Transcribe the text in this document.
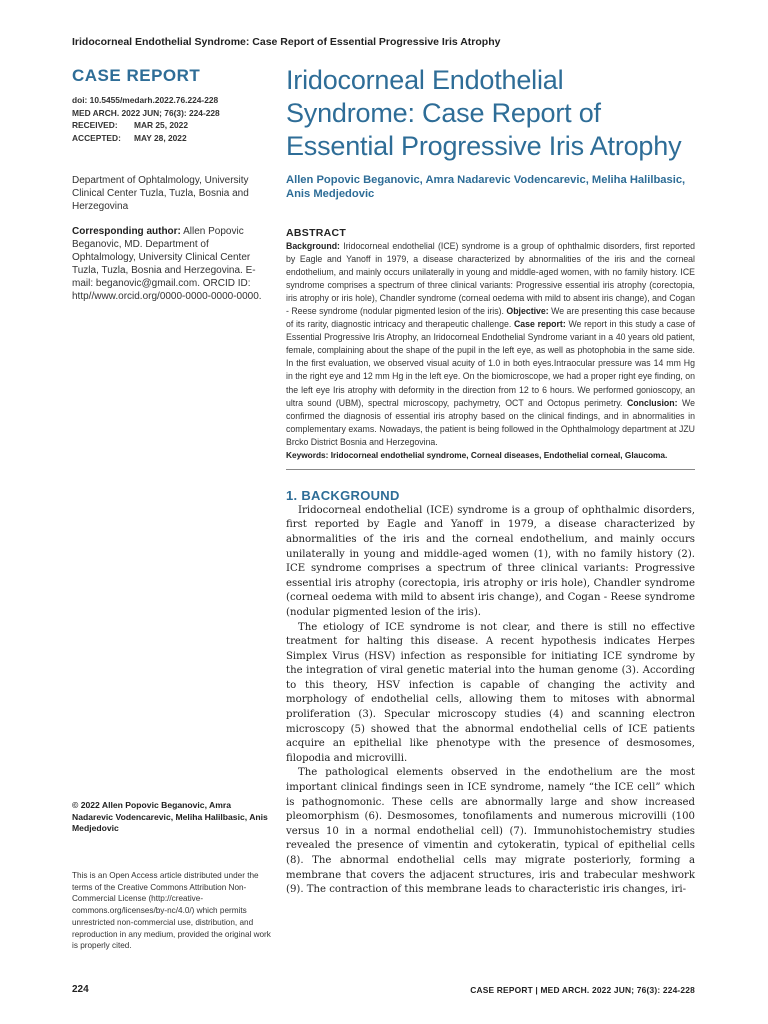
Iridocorneal Endothelial Syndrome: Case Report of Essential Progressive Iris Atrophy
CASE REPORT
doi: 10.5455/medarh.2022.76.224-228
MED ARCH. 2022 JUN; 76(3): 224-228
RECEIVED:	MAR 25, 2022
ACCEPTED:	MAY 28, 2022
Department of Ophtalmology, University Clinical Center Tuzla, Tuzla, Bosnia and Herzegovina
Corresponding author: Allen Popovic Beganovic, MD. Department of Ophtalmology, University Clinical Center Tuzla, Tuzla, Bosnia and Herzegovina. E-mail: beganovic@gmail.com. ORCID ID: http//www.orcid.org/0000-0000-0000-0000.
© 2022 Allen Popovic Beganovic, Amra Nadarevic Vodencarevic, Meliha Halilbasic, Anis Medjedovic
This is an Open Access article distributed under the terms of the Creative Commons Attribution Non-Commercial License (http://creative-commons.org/licenses/by-nc/4.0/) which permits unrestricted non-commercial use, distribution, and reproduction in any medium, provided the original work is properly cited.
Iridocorneal Endothelial Syndrome: Case Report of Essential Progressive Iris Atrophy
Allen Popovic Beganovic, Amra Nadarevic Vodencarevic, Meliha Halilbasic, Anis Medjedovic
ABSTRACT
Background: Iridocorneal endothelial (ICE) syndrome is a group of ophthalmic disorders, first reported by Eagle and Yanoff in 1979, a disease characterized by abnormalities of the iris and the corneal endothelium, and mainly occurs unilaterally in young and middle-aged women, with no family history. ICE syndrome comprises a spectrum of three clinical variants: Progressive essential iris atrophy (corectopia, iris atrophy or iris hole), Chandler syndrome (corneal oedema with mild to absent iris change), and Cogan - Reese syndrome (nodular pigmented lesion of the iris). Objective: We are presenting this case because of its rarity, diagnostic intricacy and therapeutic challenge. Case report: We report in this study a case of Essential Progressive Iris Atrophy, an Iridocorneal Endothelial Syndrome variant in a 40 years old patient, female, complaining about the shape of the pupil in the left eye, as well as photophobia in the same side. In the first evaluation, we observed visual acuity of 1.0 in both eyes.Intraocular pressure was 14 mm Hg in the right eye and 12 mm Hg in the left eye. On the biomicroscope, we had a proper right eye finding, on the left eye Iris atrophy with deformity in the direction from 12 to 6 hours. We performed gonioscopy, an ultra sound (UBM), spectral microscopy, pachymetry, OCT and Octopus perimetry. Conclusion: We confirmed the diagnosis of essential iris atrophy based on the clinical findings, and in abnormalities in complementary exams. Nowadays, the patient is being followed in the Ophthalmology department at JZU Brcko District Bosnia and Herzegovina.
Keywords: Iridocorneal endothelial syndrome, Corneal diseases, Endothelial corneal, Glaucoma.
1. BACKGROUND

Iridocorneal endothelial (ICE) syndrome is a group of ophthalmic disorders, first reported by Eagle and Yanoff in 1979, a disease characterized by abnormalities of the iris and the corneal endothelium, and mainly occurs unilaterally in young and middle-aged women (1), with no family history (2). ICE syndrome comprises a spectrum of three clinical variants: Progressive essential iris atrophy (corectopia, iris atrophy or iris hole), Chandler syndrome (corneal oedema with mild to absent iris change), and Cogan - Reese syndrome (nodular pigmented lesion of the iris).

The etiology of ICE syndrome is not clear, and there is still no effective treatment for halting this disease. A recent hypothesis indicates Herpes Simplex Virus (HSV) infection as responsible for initiating ICE syndrome by the integration of viral genetic material into the human genome (3). According to this theory, HSV infection is capable of changing the activity and morphology of endothelial cells, allowing them to mitoses with abnormal proliferation (3). Specular microscopy studies (4) and scanning electron microscopy (5) showed that the abnormal endothelial cells of ICE patients acquire an epithelial like phenotype with the presence of desmosomes, filopodia and microvilli.

The pathological elements observed in the endothelium are the most important clinical findings seen in ICE syndrome, namely “the ICE cell” which is pathognomonic. These cells are abnormally large and show increased pleomorphism (6). Desmosomes, tonofilaments and numerous microvilli (100 versus 10 in a normal endothelial cell) (7). Immunohistochemistry studies revealed the presence of vimentin and cytokeratin, typical of epithelial cells (8). The abnormal endothelial cells may migrate posteriorly, forming a membrane that covers the adjacent structures, iris and trabecular meshwork (9). The contraction of this membrane leads to characteristic iris changes, iri-

224	CASE REPORT | MED ARCH. 2022 JUN; 76(3): 224-228
